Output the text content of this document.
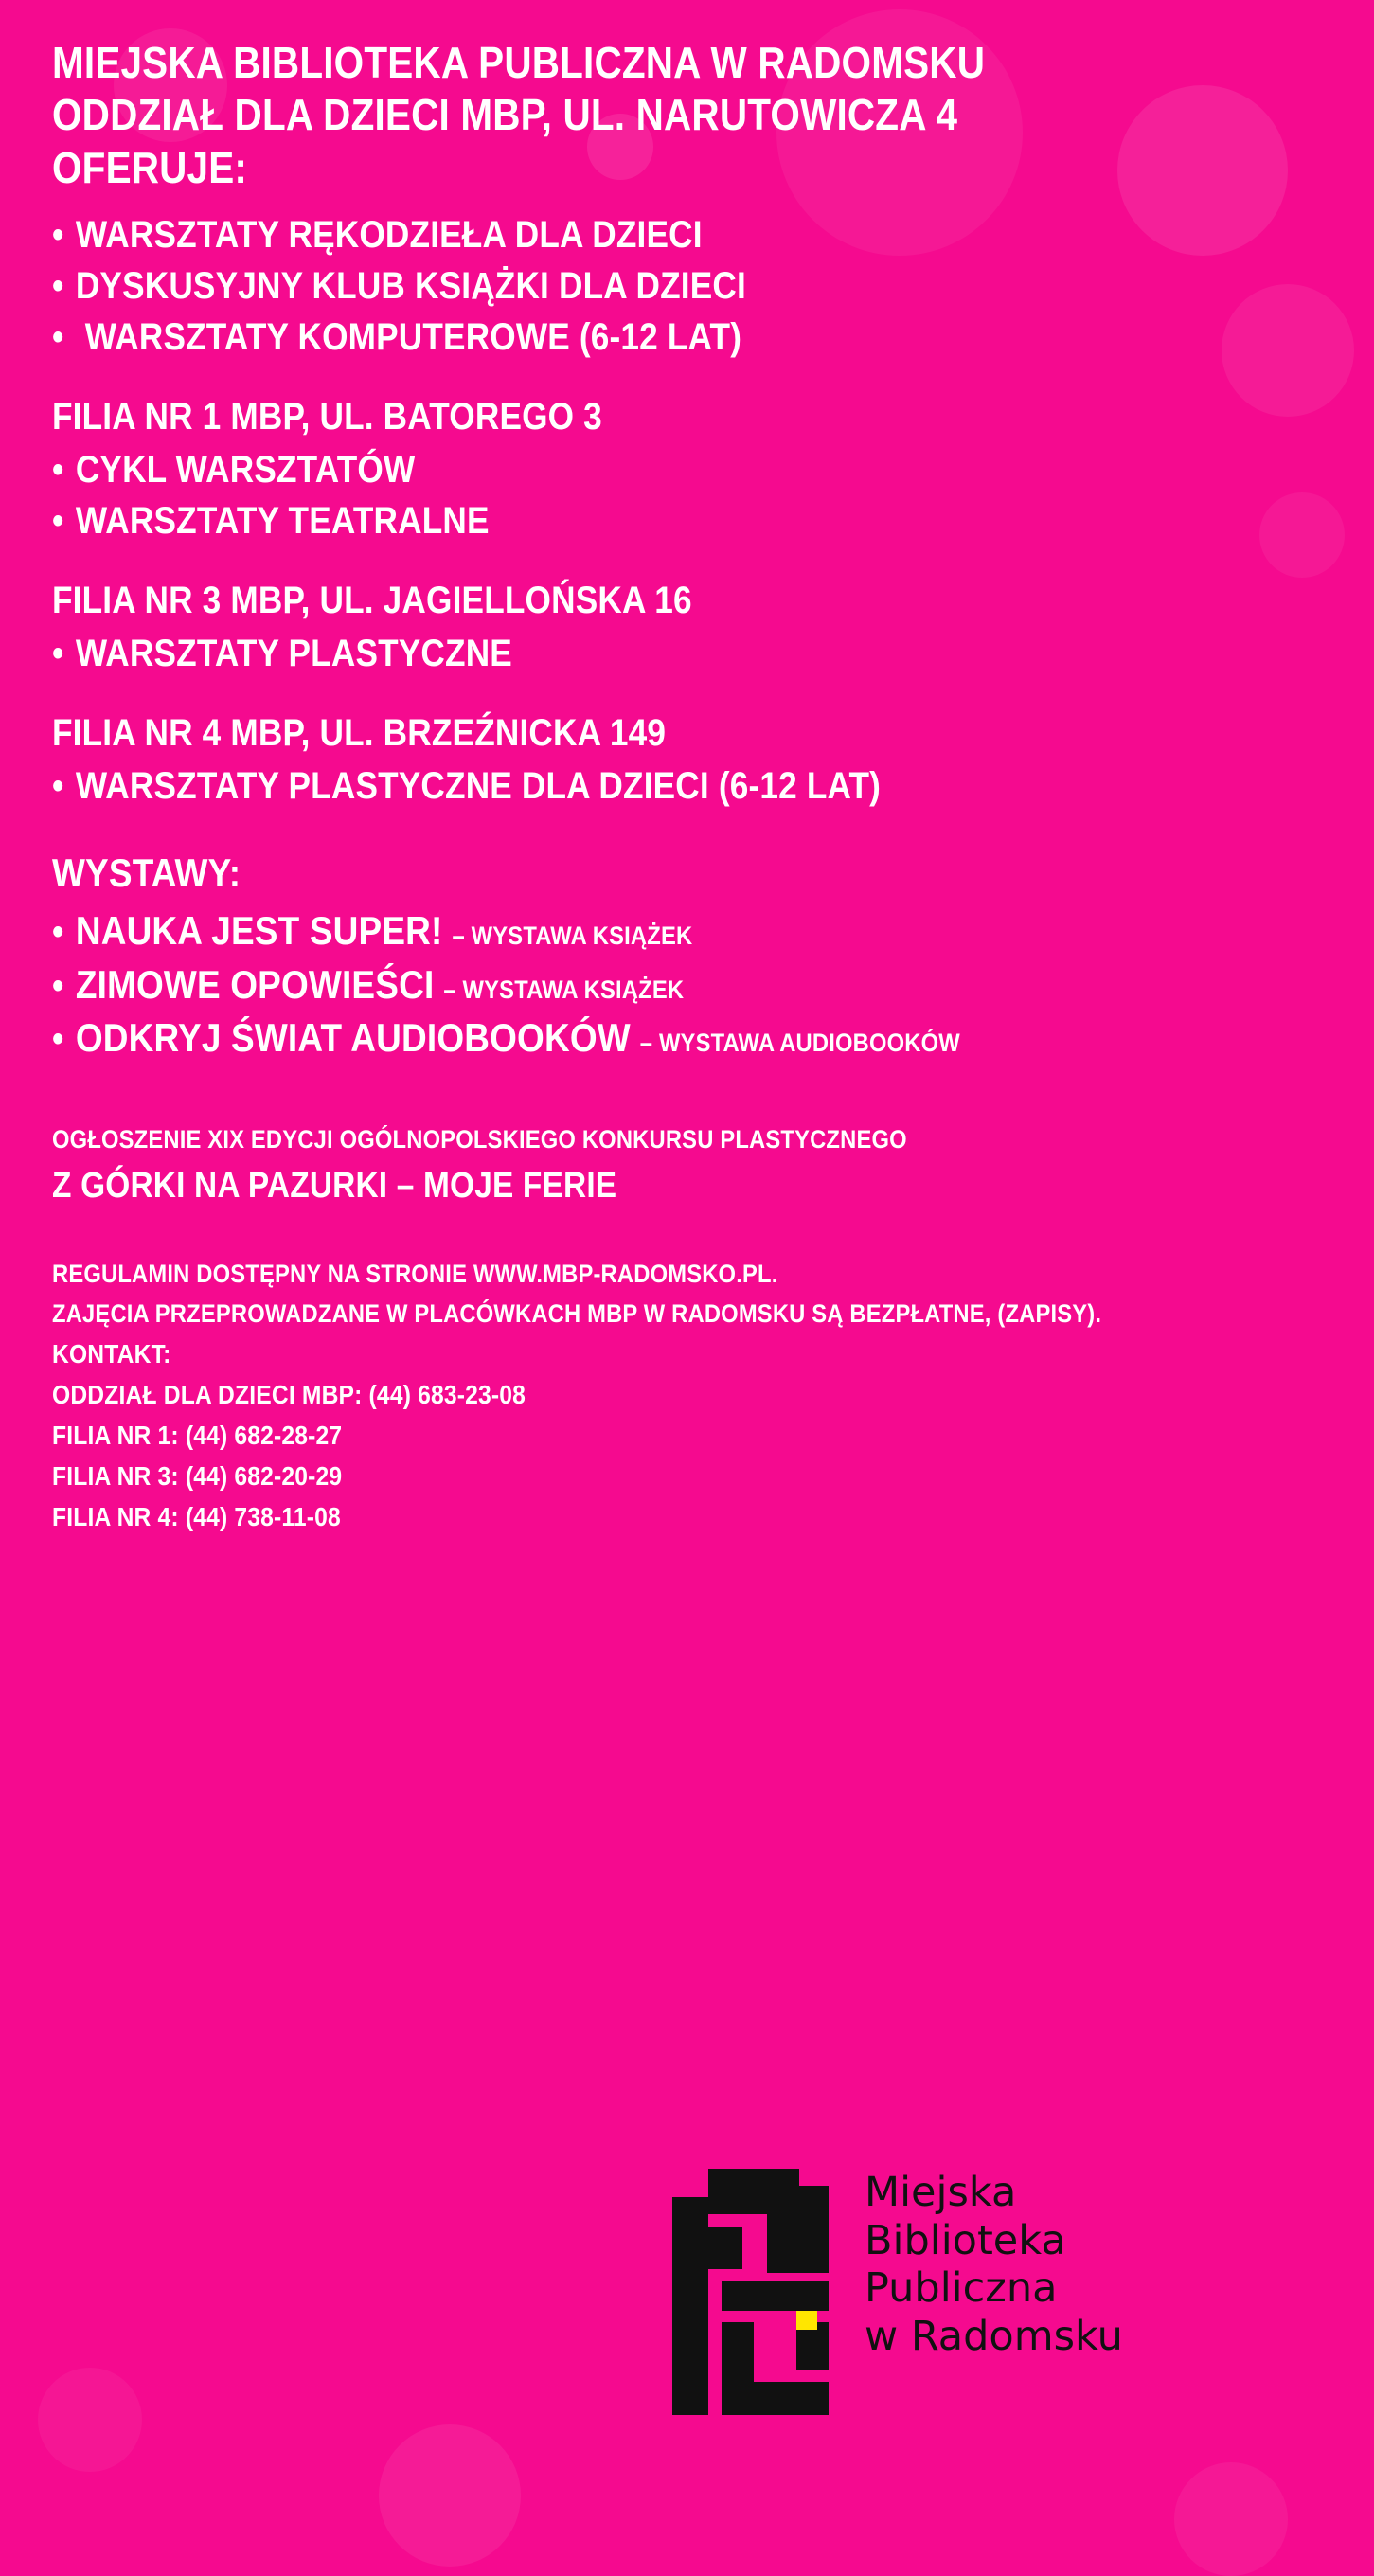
MIEJSKA BIBLIOTEKA PUBLICZNA W RADOMSKU
ODDZIAŁ DLA DZIECI MBP, UL. NARUTOWICZA 4
OFERUJE:
• WARSZTATY RĘKODZIEŁA DLA DZIECI
• DYSKUSYJNY KLUB KSIĄŻKI DLA DZIECI
• WARSZTATY KOMPUTEROWE (6-12 LAT)
FILIA NR 1 MBP, UL. BATOREGO 3
• CYKL WARSZTATÓW
• WARSZTATY TEATRALNE
FILIA NR 3 MBP, UL. JAGIELLOŃSKA 16
• WARSZTATY PLASTYCZNE
FILIA NR 4 MBP, UL. BRZEŹNICKA 149
• WARSZTATY PLASTYCZNE DLA DZIECI (6-12 LAT)
WYSTAWY:
• NAUKA JEST SUPER! – WYSTAWA KSIĄŻEK
• ZIMOWE OPOWIEŚCI – WYSTAWA KSIĄŻEK
• ODKRYJ ŚWIAT AUDIOBOOKÓW – WYSTAWA AUDIOBOOKÓW
OGŁOSZENIE XIX EDYCJI OGÓLNOPOLSKIEGO KONKURSU PLASTYCZNEGO
Z GÓRKI NA PAZURKI – MOJE FERIE

REGULAMIN DOSTĘPNY NA STRONIE WWW.MBP-RADOMSKO.PL.

ZAJĘCIA PRZEPROWADZANE W PLACÓWKACH MBP W RADOMSKU SĄ BEZPŁATNE, (ZAPISY).

KONTAKT:

ODDZIAŁ DLA DZIECI MBP: (44) 683-23-08

FILIA NR 1: (44) 682-28-27

FILIA NR 3: (44) 682-20-29

FILIA NR 4: (44) 738-11-08

Miejska
Biblioteka
Publiczna
w Radomsku
